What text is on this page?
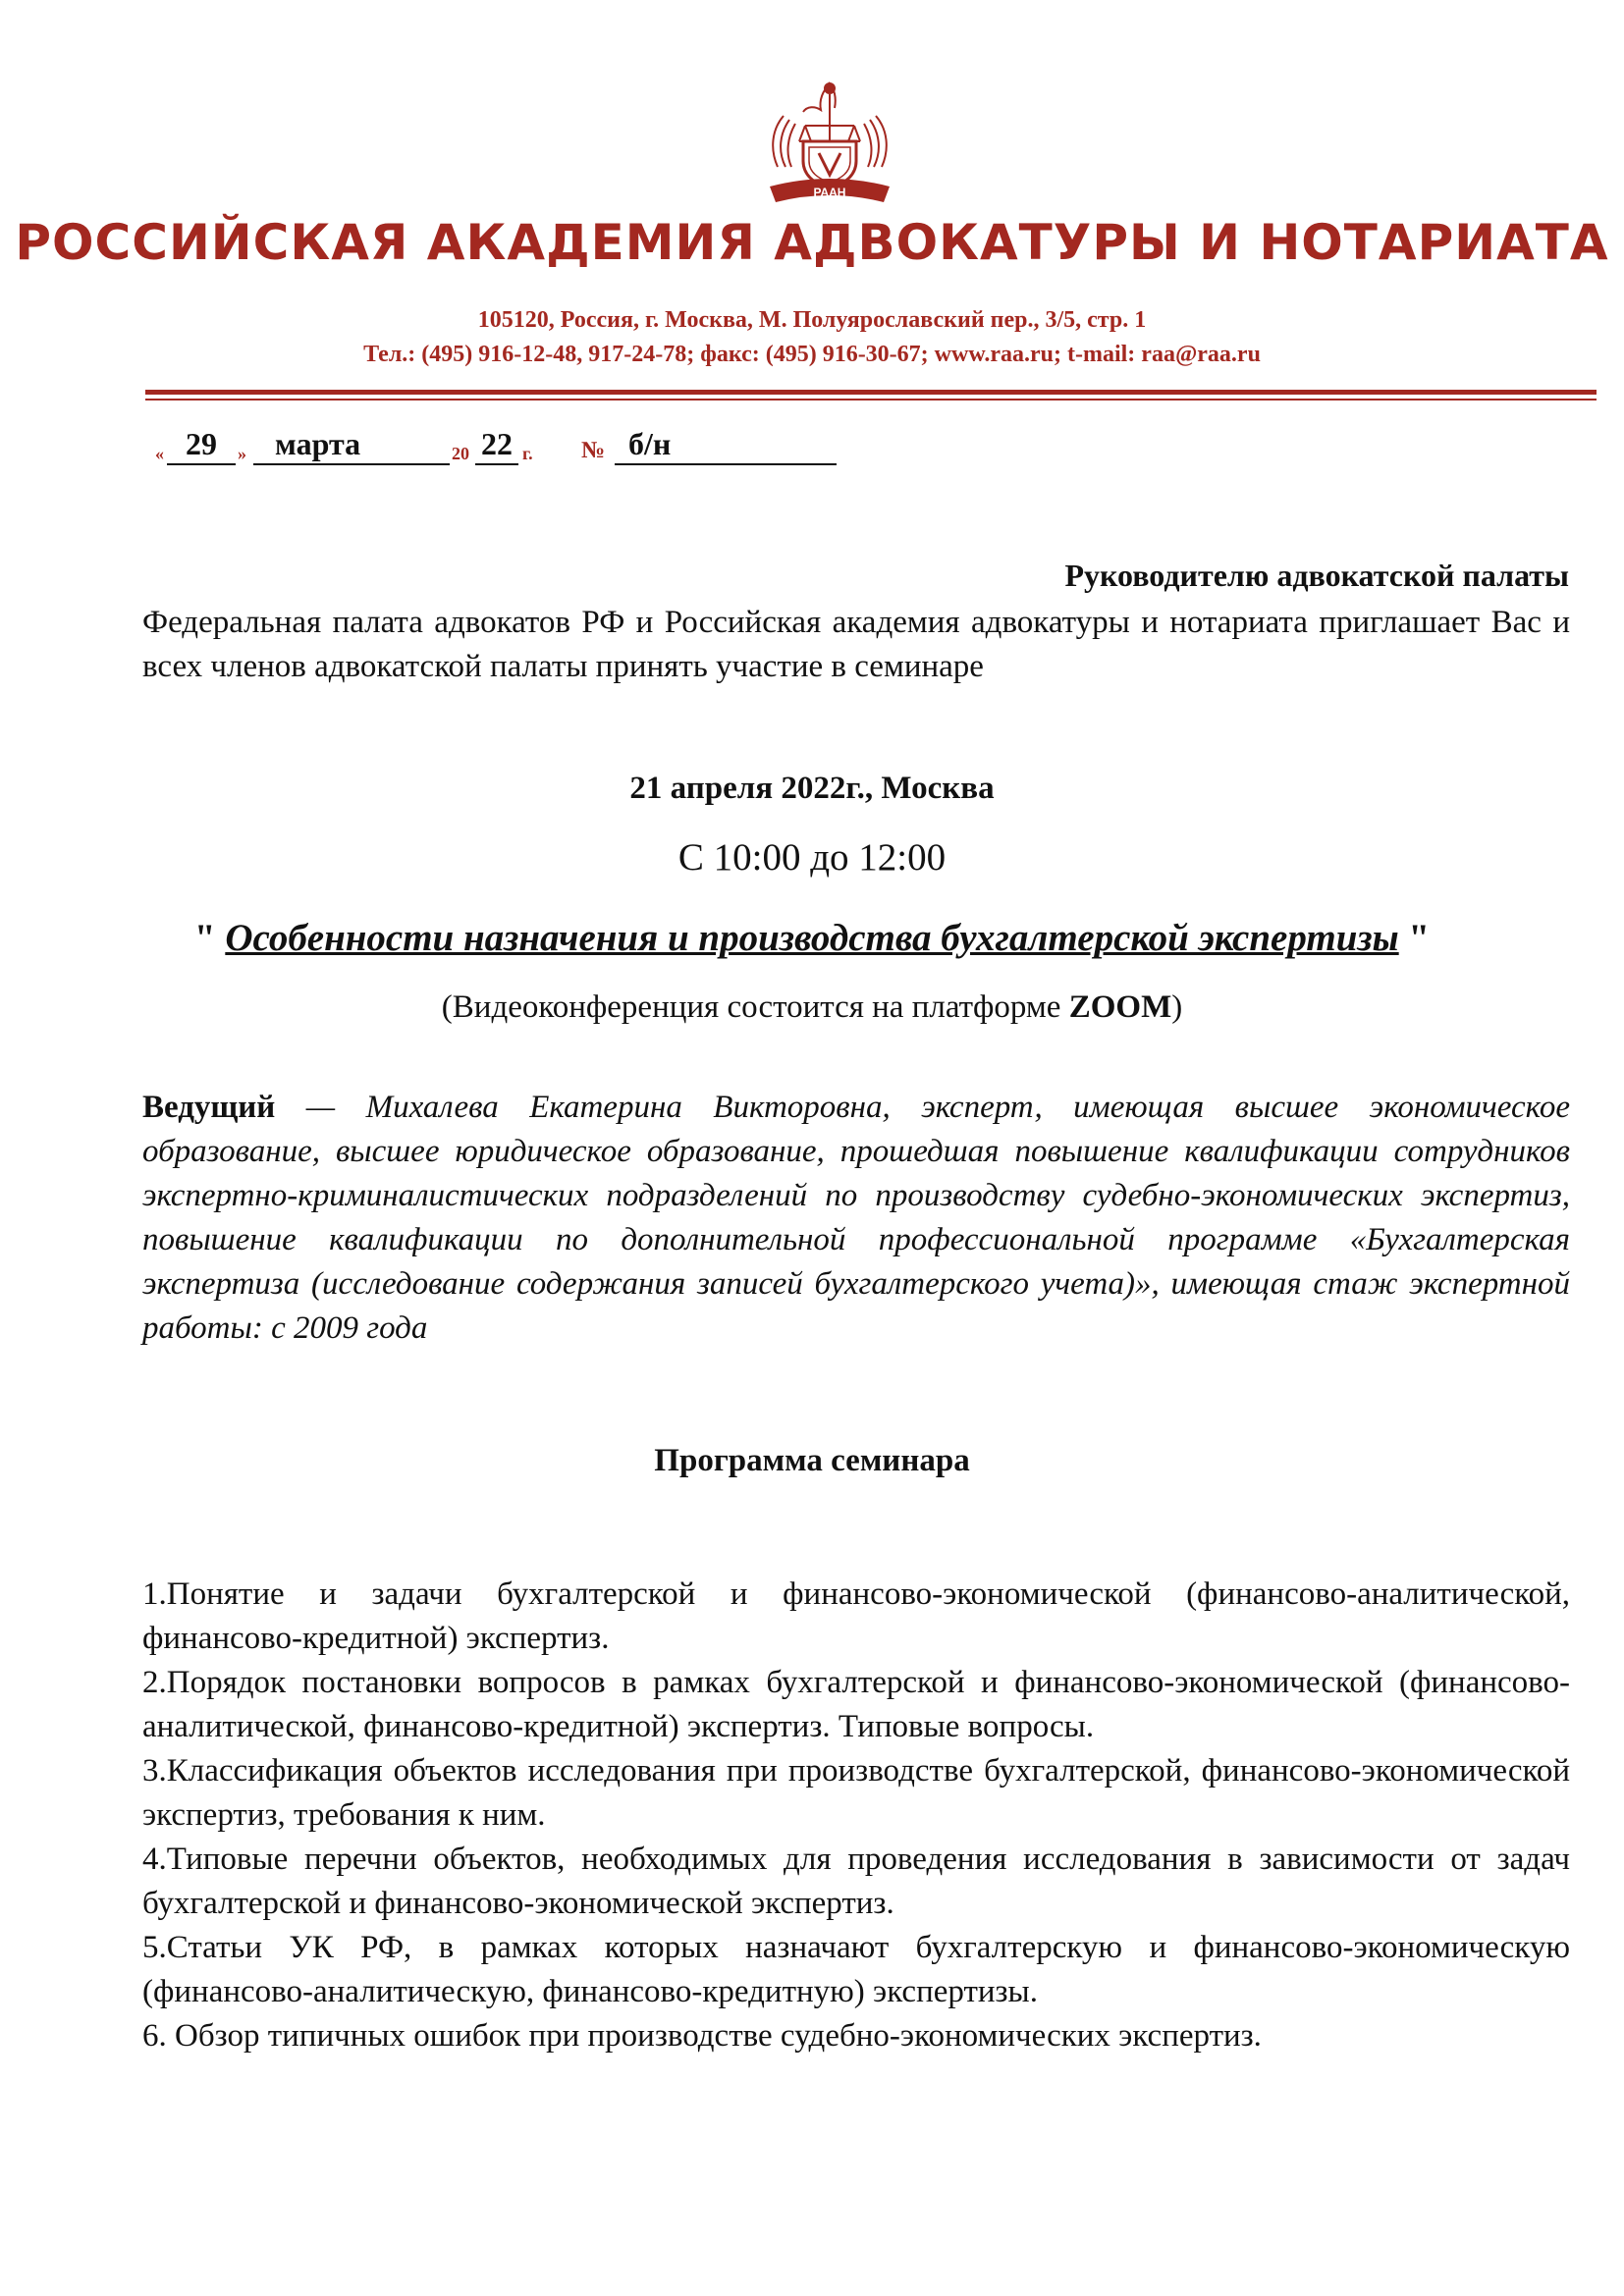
РААН
РОССИЙСКАЯ АКАДЕМИЯ АДВОКАТУРЫ И НОТАРИАТА
105120, Россия, г. Москва, М. Полуярославский пер., 3/5, стр. 1
Тел.: (495) 916-12-48, 917-24-78; факс: (495) 916-30-67; www.raa.ru; t-mail: raa@raa.ru
« 29	» марта	20 22 г. № б/н
Руководителю адвокатской палаты
Федеральная палата адвокатов РФ и Российская академия адвокатуры и нотариата приглашает Вас и всех членов адвокатской палаты принять участие в семинаре
21 апреля 2022г., Москва
С 10:00 до 12:00
" Особенности назначения и производства бухгалтерской экспертизы "
(Видеоконференция состоится на платформе ZOOM)
Ведущий — Михалева Екатерина Викторовна, эксперт, имеющая высшее экономическое образование, высшее юридическое образование, прошедшая повышение квалификации сотрудников экспертно-криминалистических подразделений по производству судебно-экономических экспертиз, повышение квалификации по дополнительной профессиональной программе «Бухгалтерская экспертиза (исследование содержания записей бухгалтерского учета)», имеющая стаж экспертной работы: с 2009 года
Программа семинара

1.Понятие и задачи бухгалтерской и финансово-экономической (финансово-аналитической, финансово-кредитной) экспертиз.

2.Порядок постановки вопросов в рамках бухгалтерской и финансово-экономической (финансово-аналитической, финансово-кредитной) экспертиз. Типовые вопросы.

3.Классификация объектов исследования при производстве бухгалтерской, финансово-экономической экспертиз, требования к ним.

4.Типовые перечни объектов, необходимых для проведения исследования в зависимости от задач бухгалтерской и финансово-экономической экспертиз.

5.Статьи УК РФ, в рамках которых назначают бухгалтерскую и финансово-экономическую (финансово-аналитическую, финансово-кредитную) экспертизы.

6. Обзор типичных ошибок при производстве судебно-экономических экспертиз.
